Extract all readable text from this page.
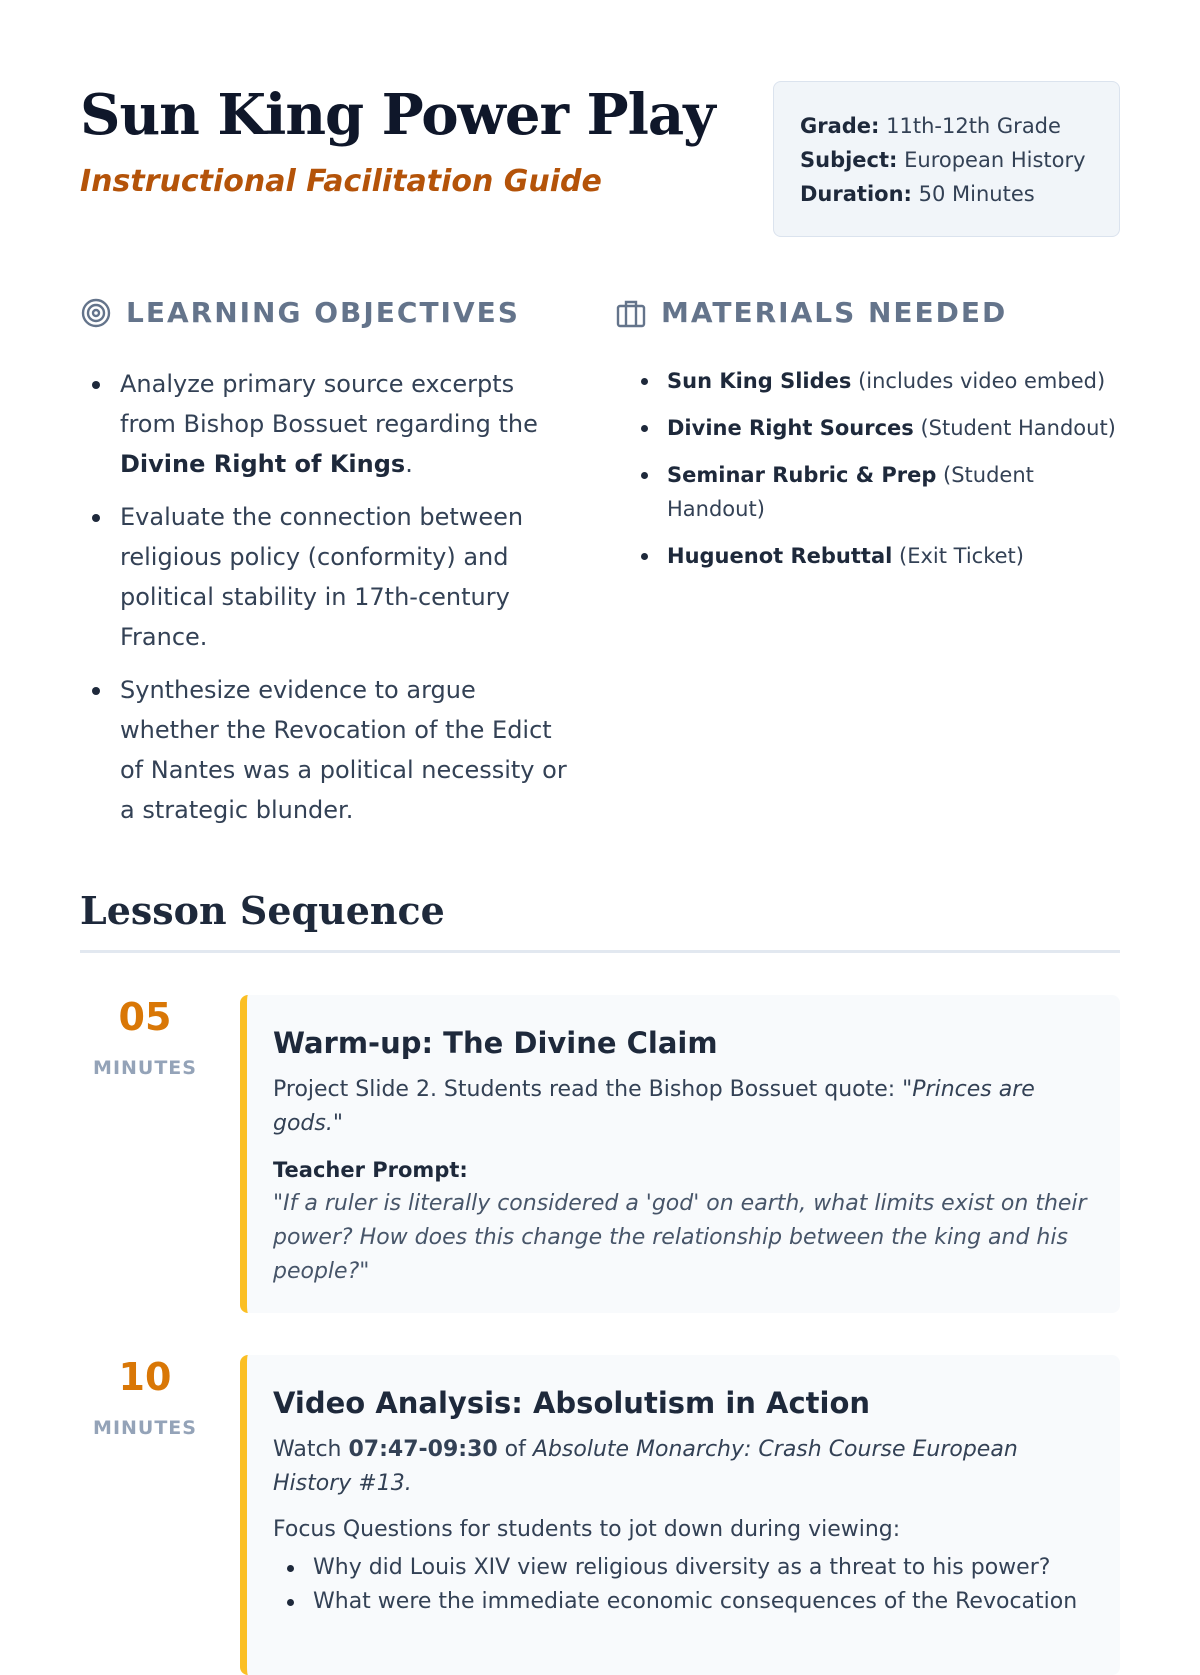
Sun King Power Play
Instructional Facilitation Guide
Grade: 11th-12th Grade
Subject: European History
Duration: 50 Minutes
LEARNING OBJECTIVES
Analyze primary source excerpts from Bishop Bossuet regarding the Divine Right of Kings.
Evaluate the connection between religious policy (conformity) and political stability in 17th-century France.
Synthesize evidence to argue whether the Revocation of the Edict of Nantes was a political necessity or a strategic blunder.
MATERIALS NEEDED
Sun King Slides (includes video embed)
Divine Right Sources (Student Handout)
Seminar Rubric & Prep (Student Handout)
Huguenot Rebuttal (Exit Ticket)
Lesson Sequence
05
MINUTES
Warm-up: The Divine Claim

Project Slide 2. Students read the Bishop Bossuet quote: "Princes are gods."

Teacher Prompt:
"If a ruler is literally considered a 'god' on earth, what limits exist on their power? How does this change the relationship between the king and his people?"
10
MINUTES
Video Analysis: Absolutism in Action

Watch 07:47-09:30 of Absolute Monarchy: Crash Course European History #13.

Focus Questions for students to jot down during viewing:

Why did Louis XIV view religious diversity as a threat to his power?
What were the immediate economic consequences of the Revocation
